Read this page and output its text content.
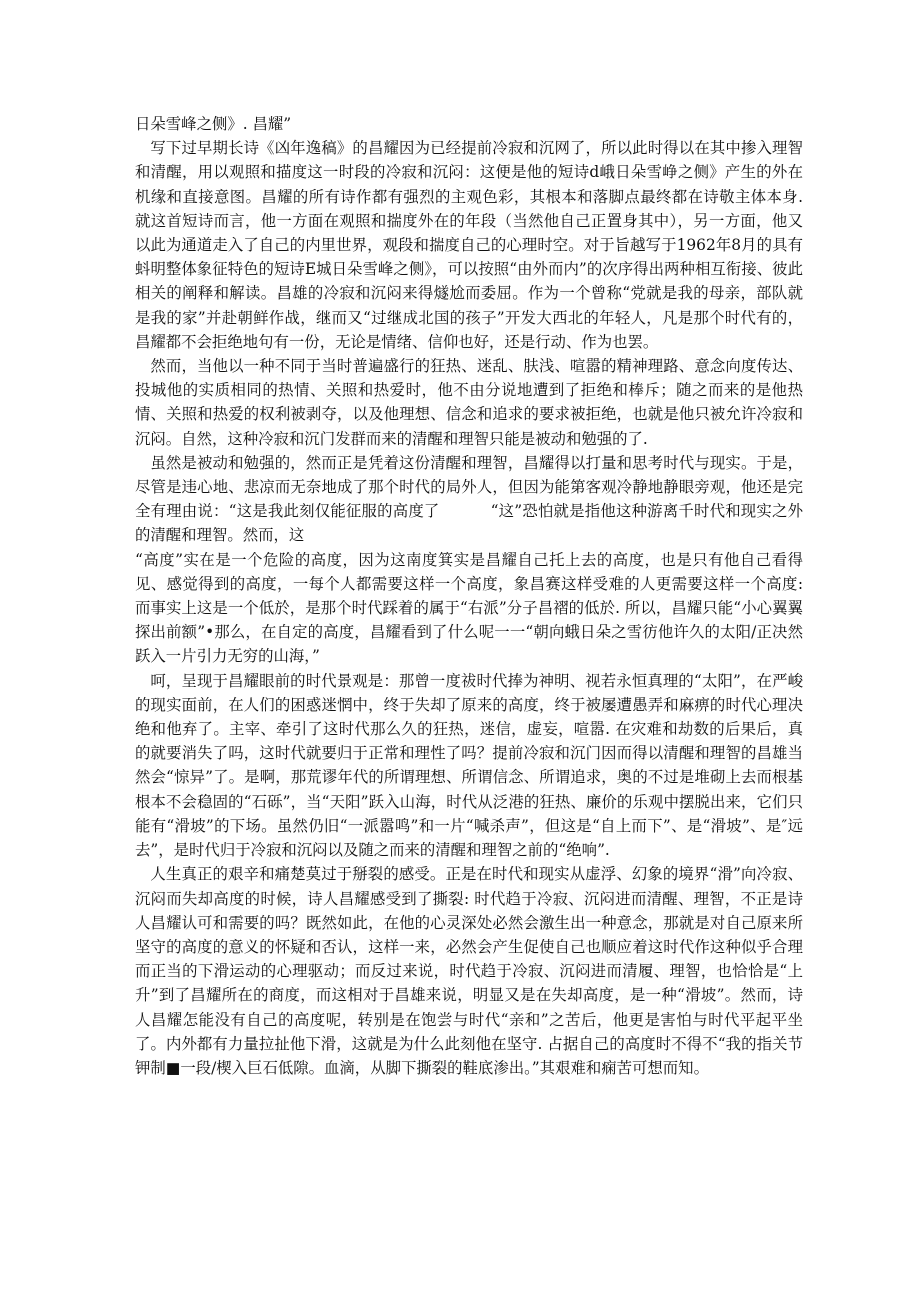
日朵雪峰之侧》. 昌耀”

写下过早期长诗《凶年逸稿》的昌耀因为已经提前冷寂和沉网了，所以此时得以在其中掺入理智和清醒，用以观照和描度这一时段的冷寂和沉闷：这便是他的短诗d峨日朵雪峥之侧》产生的外在机缘和直接意图。昌耀的所有诗作都有强烈的主观色彩，其根本和落脚点最终都在诗敬主体本身. 就这首短诗而言，他一方面在观照和揣度外在的年段（当然他自己正置身其中），另一方面，他又以此为通道走入了自己的内里世界，观段和揣度自己的心理时空。对于旨越写于1962年8月的具有蚪明整体象征特色的短诗E城日朵雪峰之侧》，可以按照“由外而内”的次序得出两种相互衔接、彼此相关的阐释和解读。昌雄的冷寂和沉闷来得燧尬而委屈。作为一个曾称“党就是我的母亲，部队就是我的家”并赴朝鲜作战，继而又“过继成北国的孩子”开发大西北的年轻人，凡是那个时代有的，昌耀都不会拒绝地句有一份，无论是情绪、信仰也好，还是行动、作为也罢。

然而，当他以一种不同于当时普遍盛行的狂热、迷乱、肤浅、喧嚣的精神理路、意念向度传达、投城他的实质相同的热情、关照和热爱时，他不由分说地遭到了拒绝和棒斥；随之而来的是他热情、关照和热爱的权利被剥夺，以及他理想、信念和追求的要求被拒绝，也就是他只被允许冷寂和沉闷。自然，这种冷寂和沉门发群而来的清醒和理智只能是被动和勉强的了.

虽然是被动和勉强的，然而正是凭着这份清醒和理智，昌耀得以打量和思考时代与现实。于是，尽管是违心地、悲凉而无奈地成了那个时代的局外人，但因为能第客观冷静地静眼旁观，他还是完全有理由说：“这是我此刻仅能征服的高度了          “这”恐怕就是指他这种游离千时代和现实之外的清醒和理智。然而，这

“高度”实在是一个危险的高度，因为这南度箕实是昌耀自己托上去的高度，也是只有他自己看得见、感觉得到的高度，一每个人都需要这样一个高度，象昌赛这样受难的人更需要这样一个高度: 而事实上这是一个低於，是那个时代踩着的属于“右派”分子昌褶的低於. 所以，昌耀只能“小心翼翼探出前额”•那么，在自定的高度，昌耀看到了什么呢一一“朝向蛾日朵之雪彷他许久的太阳/正决然跃入一片引力无穷的山海，”

呵，呈现于昌耀眼前的时代景观是：那曾一度祓时代捧为神明、视若永恒真理的“太阳”，在严峻的现实面前，在人们的困惑迷惘中，终于失却了原来的高度，终于被屡遭愚弄和麻痹的时代心理决绝和他弃了。主宰、牵引了这时代那么久的狂热，迷信，虚妄，喧嚣. 在灾难和劫数的后果后，真的就要消失了吗，这时代就要归于正常和理性了吗？提前冷寂和沉门因而得以清醒和理智的昌雄当然会“惊异”了。是啊，那荒谬年代的所谓理想、所谓信念、所谓追求，奥的不过是堆砌上去而根基根本不会稳固的“石砾”，当“天阳”跃入山海，时代从泛港的狂热、廉价的乐观中摆脱出来，它们只能有“滑坡”的下场。虽然仍旧“一派嚣鸣”和一片“喊杀声”，但这是“自上而下”、是“滑坡”、是″远去”，是时代归于冷寂和沉闷以及随之而来的清醒和理智之前的“绝响”.

人生真正的艰辛和痛楚莫过于掰裂的感受。正是在时代和现实从虚浮、幻象的境界“滑”向冷寂、沉闷而失却高度的时候，诗人昌耀感受到了撕裂: 时代趋于冷寂、沉闷进而清醒、理智，不正是诗人昌耀认可和需要的吗？既然如此，在他的心灵深处必然会激生出一种意念，那就是对自己原来所坚守的高度的意义的怀疑和否认，这样一来，必然会产生促使自己也顺应着这时代作这种似乎合理而正当的下滑运动的心理驱动；而反过来说，时代趋于冷寂、沉闷进而清履、理智，也恰恰是“上升”到了昌耀所在的商度，而这相对于昌雄来说，明显又是在失却高度，是一种“滑坡”。然而，诗人昌耀怎能没有自己的高度呢，转别是在饱尝与时代“亲和”之苦后，他更是害怕与时代平起平坐了。内外都有力量拉扯他下滑，这就是为什么此刻他在坚守. 占据自己的高度时不得不“我的指关节钾制■一段/楔入巨石低隙。血滴，从脚下撕裂的鞋底渗出。”其艰难和痫苦可想而知。
